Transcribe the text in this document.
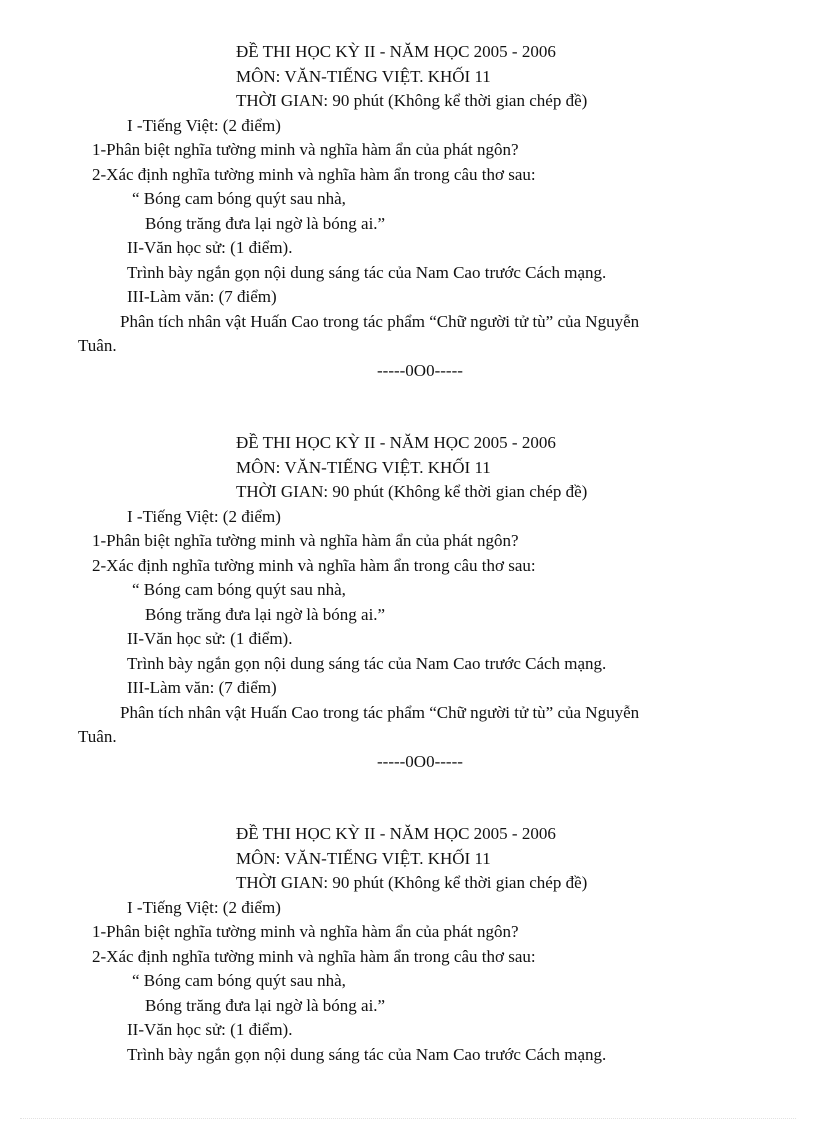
ĐỀ THI HỌC KỲ II - NĂM HỌC 2005 - 2006
MÔN: VĂN-TIẾNG VIỆT. KHỐI 11
THỜI GIAN: 90 phút (Không kể thời gian chép đề)
I -Tiếng Việt: (2 điểm)
1-Phân biệt nghĩa tường minh và nghĩa hàm ẩn của phát ngôn?
2-Xác định nghĩa tường minh và nghĩa hàm ẩn trong câu thơ sau:
“ Bóng cam bóng quýt sau nhà,
Bóng trăng đưa lại ngờ là bóng ai.”
II-Văn học sử: (1 điểm).
Trình bày ngắn gọn nội dung sáng tác của Nam Cao trước Cách mạng.
III-Làm văn: (7 điểm)
Phân tích nhân vật Huấn Cao trong tác phẩm “Chữ người tử tù” của Nguyễn
Tuân.
-----0O0-----
ĐỀ THI HỌC KỲ II - NĂM HỌC 2005 - 2006
MÔN: VĂN-TIẾNG VIỆT. KHỐI 11
THỜI GIAN: 90 phút (Không kể thời gian chép đề)
I -Tiếng Việt: (2 điểm)
1-Phân biệt nghĩa tường minh và nghĩa hàm ẩn của phát ngôn?
2-Xác định nghĩa tường minh và nghĩa hàm ẩn trong câu thơ sau:
“ Bóng cam bóng quýt sau nhà,
Bóng trăng đưa lại ngờ là bóng ai.”
II-Văn học sử: (1 điểm).
Trình bày ngắn gọn nội dung sáng tác của Nam Cao trước Cách mạng.
III-Làm văn: (7 điểm)
Phân tích nhân vật Huấn Cao trong tác phẩm “Chữ người tử tù” của Nguyễn
Tuân.
-----0O0-----
ĐỀ THI HỌC KỲ II - NĂM HỌC 2005 - 2006
MÔN: VĂN-TIẾNG VIỆT. KHỐI 11
THỜI GIAN: 90 phút (Không kể thời gian chép đề)
I -Tiếng Việt: (2 điểm)
1-Phân biệt nghĩa tường minh và nghĩa hàm ẩn của phát ngôn?
2-Xác định nghĩa tường minh và nghĩa hàm ẩn trong câu thơ sau:
“ Bóng cam bóng quýt sau nhà,
Bóng trăng đưa lại ngờ là bóng ai.”
II-Văn học sử: (1 điểm).
Trình bày ngắn gọn nội dung sáng tác của Nam Cao trước Cách mạng.
